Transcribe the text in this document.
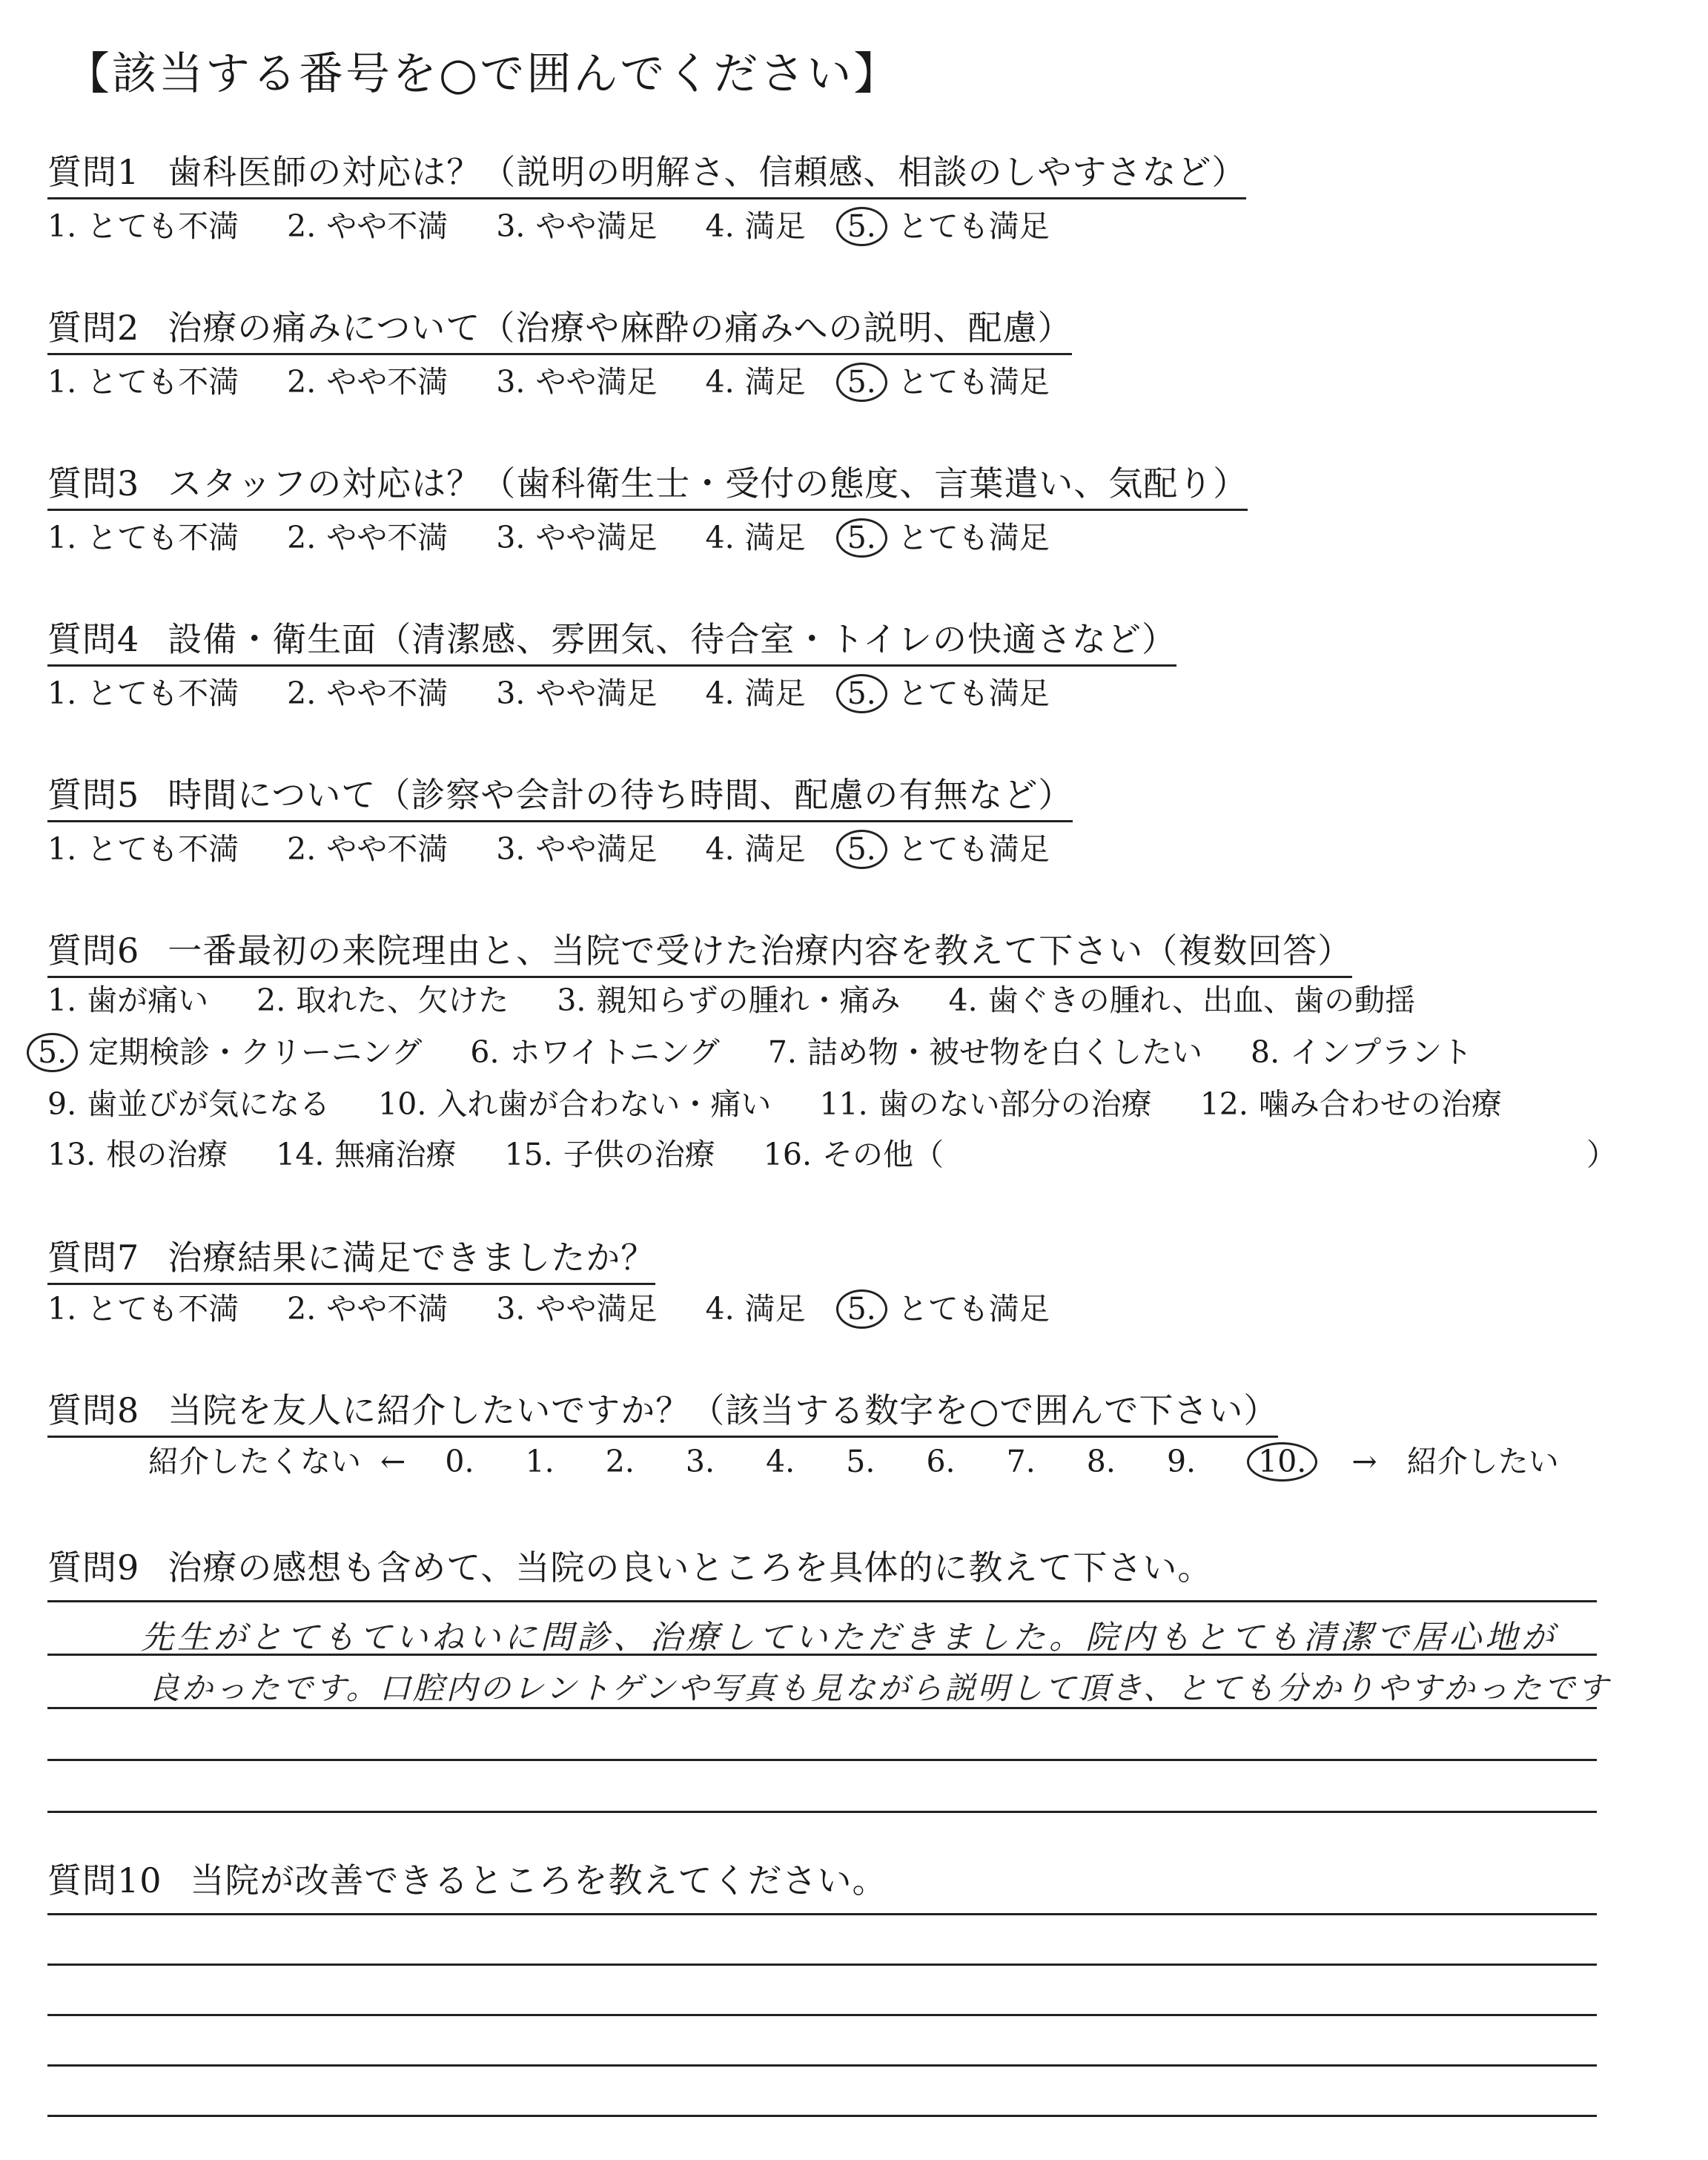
【該当する番号を○で囲んでください】
質問1 歯科医師の対応は？（説明の明解さ、信頼感、相談のしやすさなど）
1. とても不満 2. やや不満 3. やや満足 4. 満足 5. とても満足
質問2 治療の痛みについて（治療や麻酔の痛みへの説明、配慮）
1. とても不満 2. やや不満 3. やや満足 4. 満足 5. とても満足
質問3 スタッフの対応は？（歯科衛生士・受付の態度、言葉遣い、気配り）
1. とても不満 2. やや不満 3. やや満足 4. 満足 5. とても満足
質問4 設備・衛生面（清潔感、雰囲気、待合室・トイレの快適さなど）
1. とても不満 2. やや不満 3. やや満足 4. 満足 5. とても満足
質問5 時間について（診察や会計の待ち時間、配慮の有無など）
1. とても不満 2. やや不満 3. やや満足 4. 満足 5. とても満足
質問6 一番最初の来院理由と、当院で受けた治療内容を教えて下さい（複数回答）
1. 歯が痛い 2. 取れた、欠けた 3. 親知らずの腫れ・痛み 4. 歯ぐきの腫れ、出血、歯の動揺
5. 定期検診・クリーニング 6. ホワイトニング 7. 詰め物・被せ物を白くしたい 8. インプラント
9. 歯並びが気になる 10. 入れ歯が合わない・痛い 11. 歯のない部分の治療 12. 噛み合わせの治療
13. 根の治療 14. 無痛治療 15. 子供の治療 16. その他（	）
質問7 治療結果に満足できましたか？
1. とても不満 2. やや不満 3. やや満足 4. 満足 5. とても満足
質問8 当院を友人に紹介したいですか？（該当する数字を○で囲んで下さい）
紹介したくない ← 0. 1. 2. 3. 4. 5. 6. 7. 8. 9. 10. → 紹介したい
質問9 治療の感想も含めて、当院の良いところを具体的に教えて下さい。
先生がとてもていねいに問診、治療していただきました。院内もとても清潔で居心地が
良かったです。口腔内のレントゲンや写真も見ながら説明して頂き、とても分かりやすかったです
質問10 当院が改善できるところを教えてください。
